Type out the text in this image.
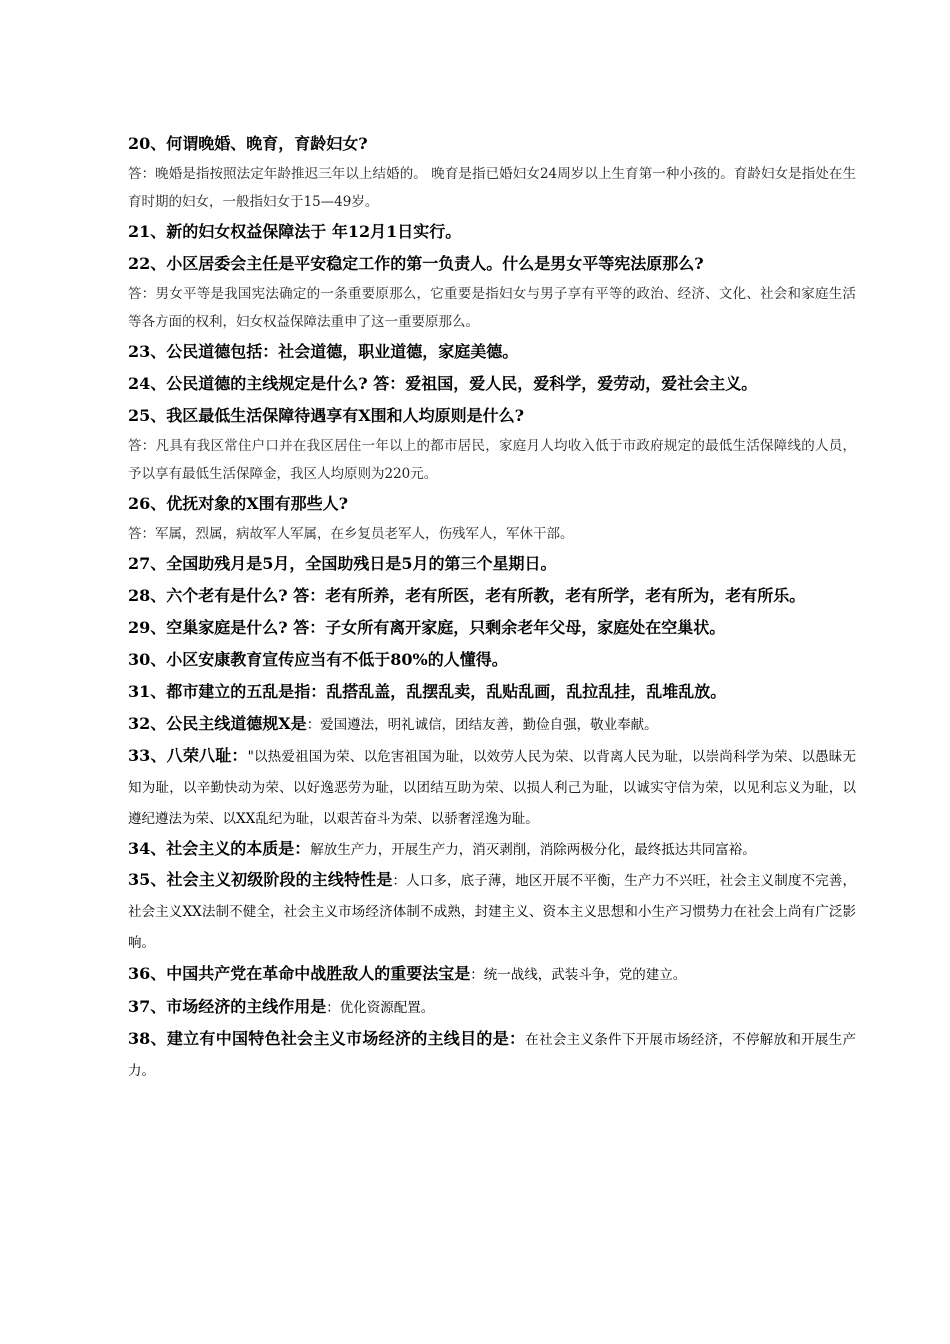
20、何谓晚婚、晚育，育龄妇女?
答：晚婚是指按照法定年龄推迟三年以上结婚的。 晚育是指已婚妇女24周岁以上生育第一种小孩的。育龄妇女是指处在生育时期的妇女，一般指妇女于15—49岁。
21、新的妇女权益保障法于 年12月1日实行。
22、小区居委会主任是平安稳定工作的第一负责人。什么是男女平等宪法原那么?
答：男女平等是我国宪法确定的一条重要原那么，它重要是指妇女与男子享有平等的政治、经济、文化、社会和家庭生活等各方面的权利，妇女权益保障法重申了这一重要原那么。
23、公民道德包括：社会道德，职业道德，家庭美德。
24、公民道德的主线规定是什么? 答：爱祖国，爱人民，爱科学，爱劳动，爱社会主义。
25、我区最低生活保障待遇享有X围和人均原则是什么?
答：凡具有我区常住户口并在我区居住一年以上的都市居民，家庭月人均收入低于市政府规定的最低生活保障线的人员，予以享有最低生活保障金，我区人均原则为220元。
26、优抚对象的X围有那些人?
答：军属，烈属，病故军人军属，在乡复员老军人，伤残军人，军休干部。
27、全国助残月是5月，全国助残日是5月的第三个星期日。
28、六个老有是什么? 答：老有所养，老有所医，老有所教，老有所学，老有所为，老有所乐。
29、空巢家庭是什么? 答：子女所有离开家庭，只剩余老年父母，家庭处在空巢状。
30、小区安康教育宣传应当有不低于80%的人懂得。
31、都市建立的五乱是指：乱搭乱盖，乱摆乱卖，乱贴乱画，乱拉乱挂，乱堆乱放。
32、公民主线道德规X是：爱国遵法，明礼诚信，团结友善，勤俭自强，敬业奉献。
33、八荣八耻："以热爱祖国为荣、以危害祖国为耻，以效劳人民为荣、以背离人民为耻，以崇尚科学为荣、以愚昧无知为耻，以辛勤快动为荣、以好逸恶劳为耻，以团结互助为荣、以损人利己为耻，以诚实守信为荣，以见利忘义为耻，以遵纪遵法为荣、以XX乱纪为耻，以艰苦奋斗为荣、以骄奢淫逸为耻。
34、社会主义的本质是：解放生产力，开展生产力，消灭剥削，消除两极分化，最终抵达共同富裕。
35、社会主义初级阶段的主线特性是：人口多，底子薄，地区开展不平衡，生产力不兴旺，社会主义制度不完善，社会主义XX法制不健全，社会主义市场经济体制不成熟，封建主义、资本主义思想和小生产习惯势力在社会上尚有广泛影响。
36、中国共产党在革命中战胜敌人的重要法宝是：统一战线，武装斗争，党的建立。
37、市场经济的主线作用是：优化资源配置。
38、建立有中国特色社会主义市场经济的主线目的是：在社会主义条件下开展市场经济，不停解放和开展生产力。
